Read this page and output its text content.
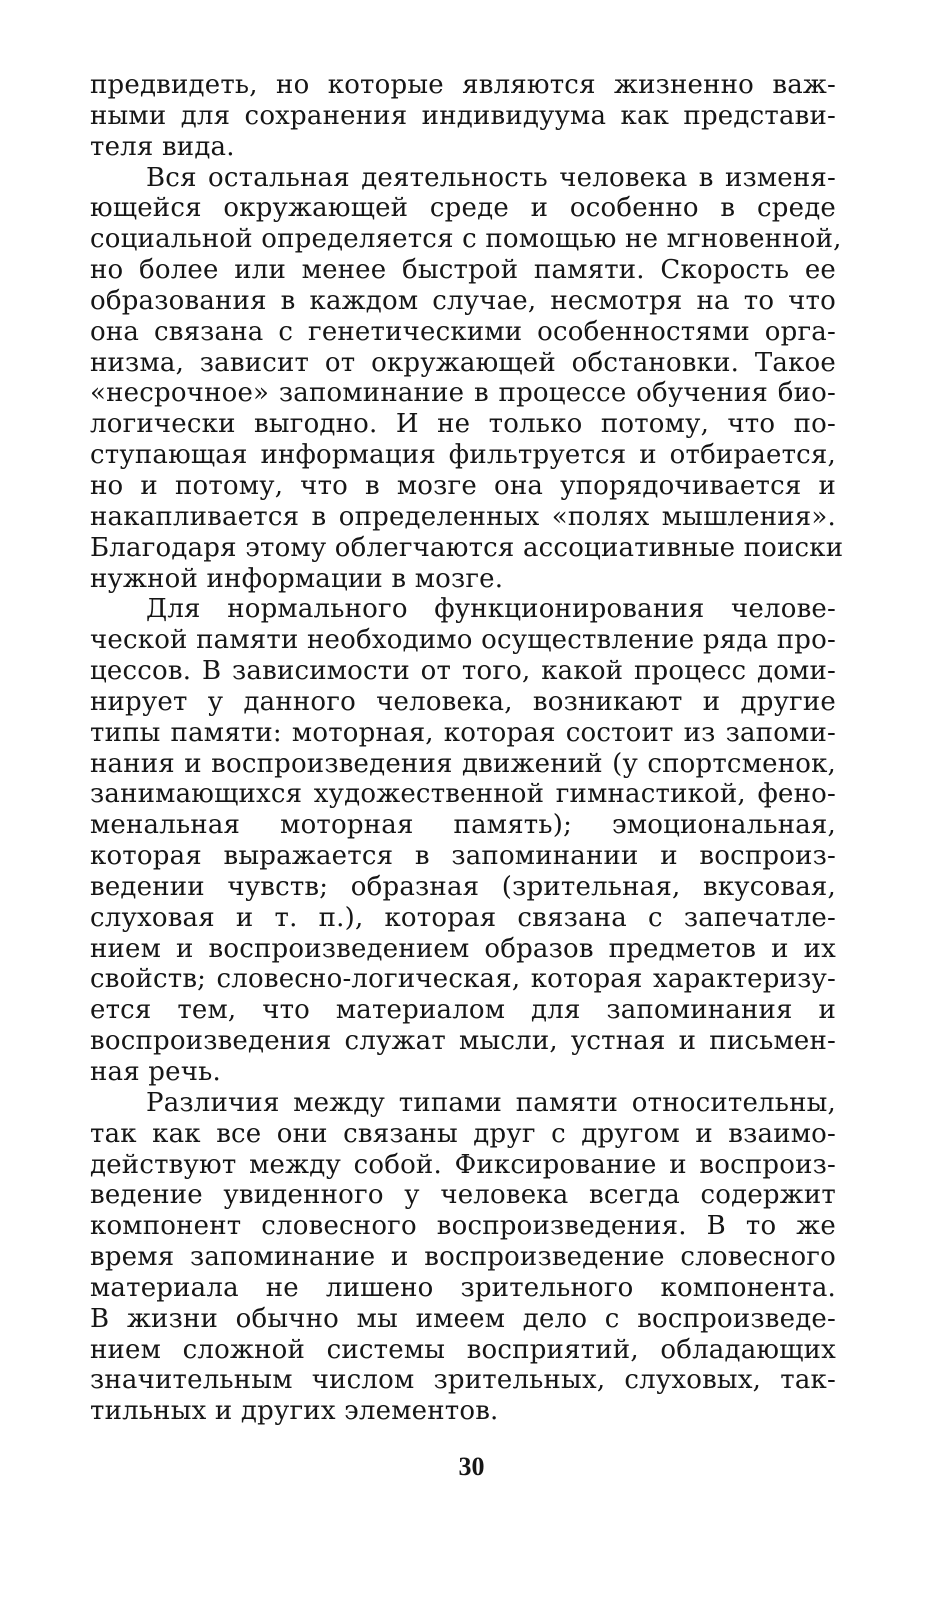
предвидеть, но которые являются жизненно важ-
ными для сохранения индивидуума как представи-
теля вида.
Вся остальная деятельность человека в изменя-
ющейся окружающей среде и особенно в среде
социальной определяется с помощью не мгновенной,
но более или менее быстрой памяти. Скорость ее
образования в каждом случае, несмотря на то что
она связана с генетическими особенностями орга-
низма, зависит от окружающей обстановки. Такое
«несрочное» запоминание в процессе обучения био-
логически выгодно. И не только потому, что по-
ступающая информация фильтруется и отбирается,
но и потому, что в мозге она упорядочивается и
накапливается в определенных «полях мышления».
Благодаря этому облегчаются ассоциативные поиски
нужной информации в мозге.
Для нормального функционирования челове-
ческой памяти необходимо осуществление ряда про-
цессов. В зависимости от того, какой процесс доми-
нирует у данного человека, возникают и другие
типы памяти: моторная, которая состоит из запоми-
нания и воспроизведения движений (у спортсменок,
занимающихся художественной гимнастикой, фено-
менальная моторная память); эмоциональная,
которая выражается в запоминании и воспроиз-
ведении чувств; образная (зрительная, вкусовая,
слуховая и т. п.), которая связана с запечатле-
нием и воспроизведением образов предметов и их
свойств; словесно-логическая, которая характеризу-
ется тем, что материалом для запоминания и
воспроизведения служат мысли, устная и письмен-
ная речь.
Различия между типами памяти относительны,
так как все они связаны друг с другом и взаимо-
действуют между собой. Фиксирование и воспроиз-
ведение увиденного у человека всегда содержит
компонент словесного воспроизведения. В то же
время запоминание и воспроизведение словесного
материала не лишено зрительного компонента.
В жизни обычно мы имеем дело с воспроизведе-
нием сложной системы восприятий, обладающих
значительным числом зрительных, слуховых, так-
тильных и других элементов.
30
